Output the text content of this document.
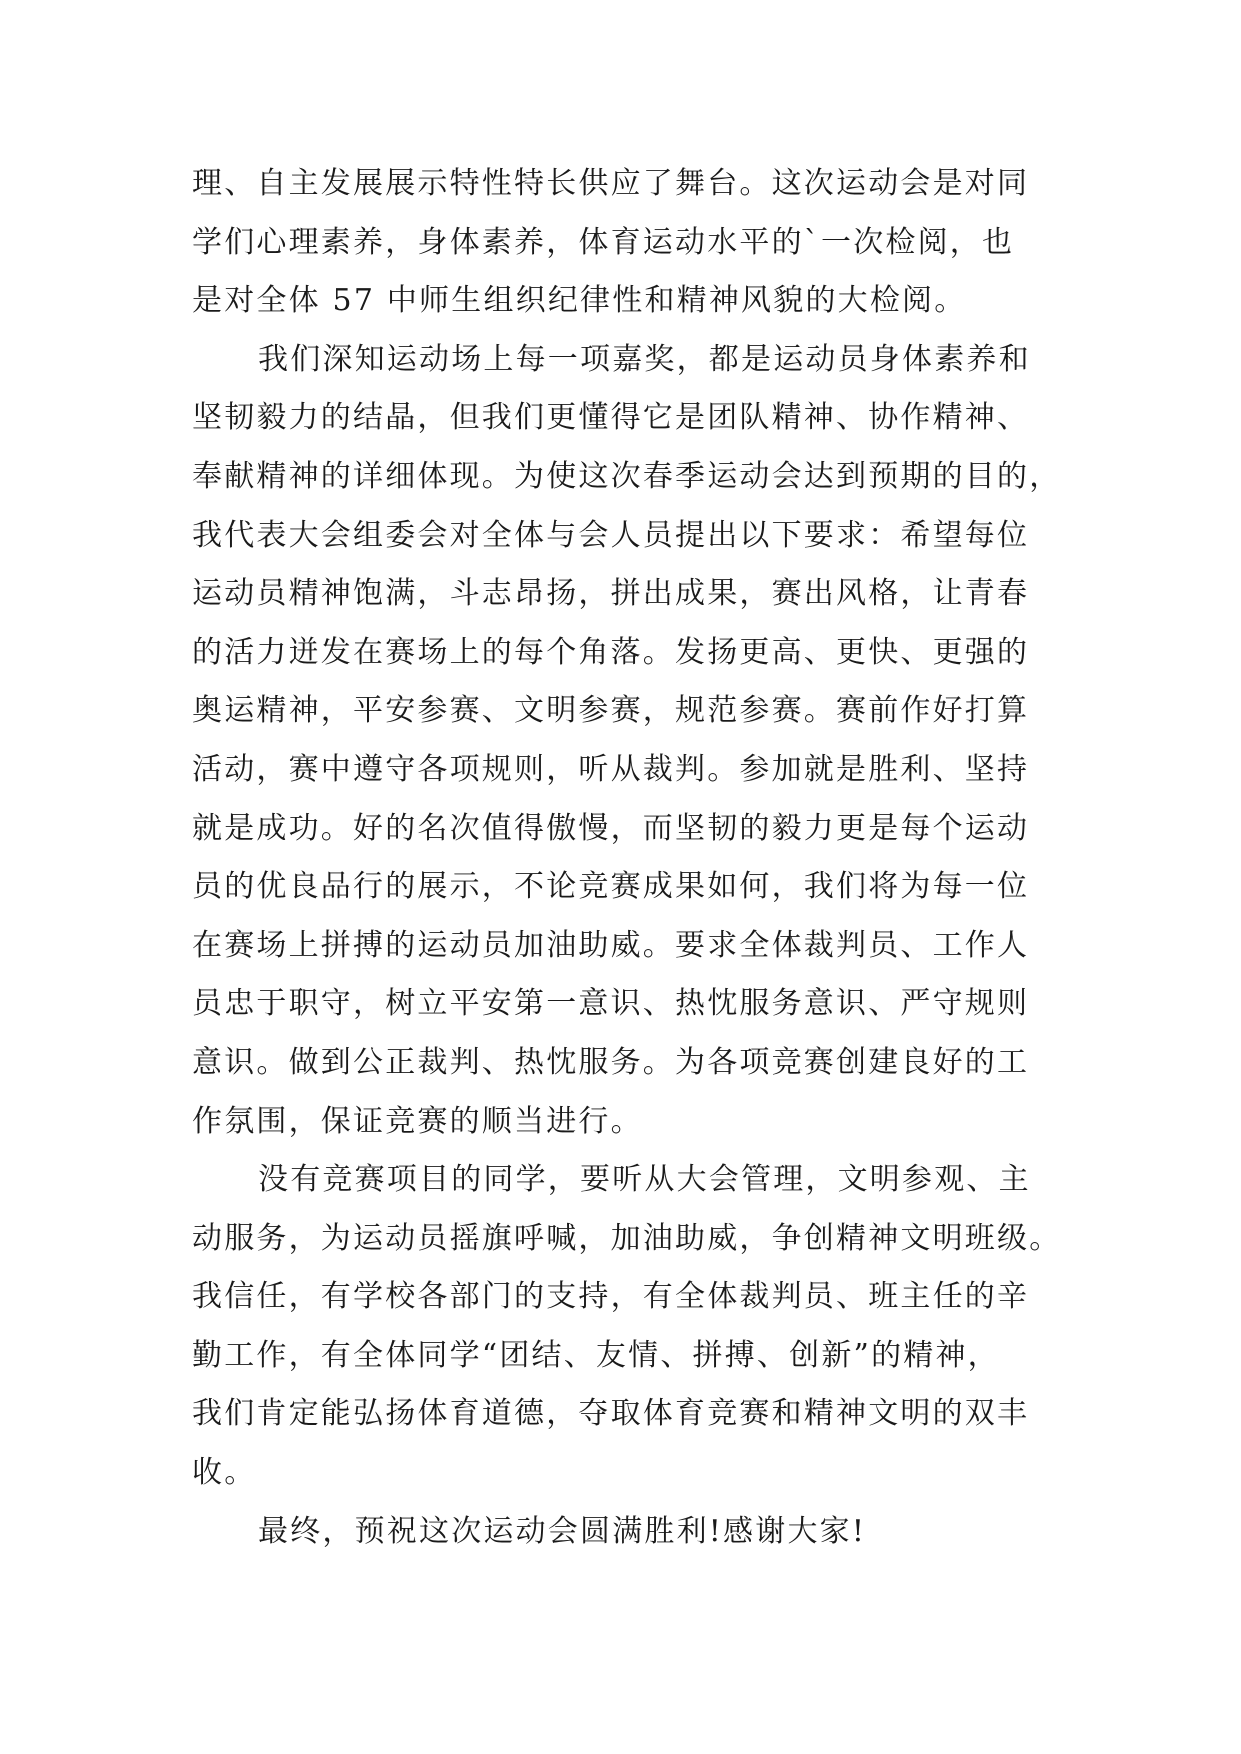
理、自主发展展示特性特长供应了舞台。这次运动会是对同
学们心理素养，身体素养，体育运动水平的`一次检阅，也
是对全体 57 中师生组织纪律性和精神风貌的大检阅。
我们深知运动场上每一项嘉奖，都是运动员身体素养和
坚韧毅力的结晶，但我们更懂得它是团队精神、协作精神、
奉献精神的详细体现。为使这次春季运动会达到预期的目的，
我代表大会组委会对全体与会人员提出以下要求：希望每位
运动员精神饱满，斗志昂扬，拼出成果，赛出风格，让青春
的活力迸发在赛场上的每个角落。发扬更高、更快、更强的
奥运精神，平安参赛、文明参赛，规范参赛。赛前作好打算
活动，赛中遵守各项规则，听从裁判。参加就是胜利、坚持
就是成功。好的名次值得傲慢，而坚韧的毅力更是每个运动
员的优良品行的展示，不论竞赛成果如何，我们将为每一位
在赛场上拼搏的运动员加油助威。要求全体裁判员、工作人
员忠于职守，树立平安第一意识、热忱服务意识、严守规则
意识。做到公正裁判、热忱服务。为各项竞赛创建良好的工
作氛围，保证竞赛的顺当进行。
没有竞赛项目的同学，要听从大会管理，文明参观、主
动服务，为运动员摇旗呼喊，加油助威，争创精神文明班级。
我信任，有学校各部门的支持，有全体裁判员、班主任的辛
勤工作，有全体同学“团结、友情、拼搏、创新”的精神，
我们肯定能弘扬体育道德，夺取体育竞赛和精神文明的双丰
收。
最终，预祝这次运动会圆满胜利!感谢大家!
